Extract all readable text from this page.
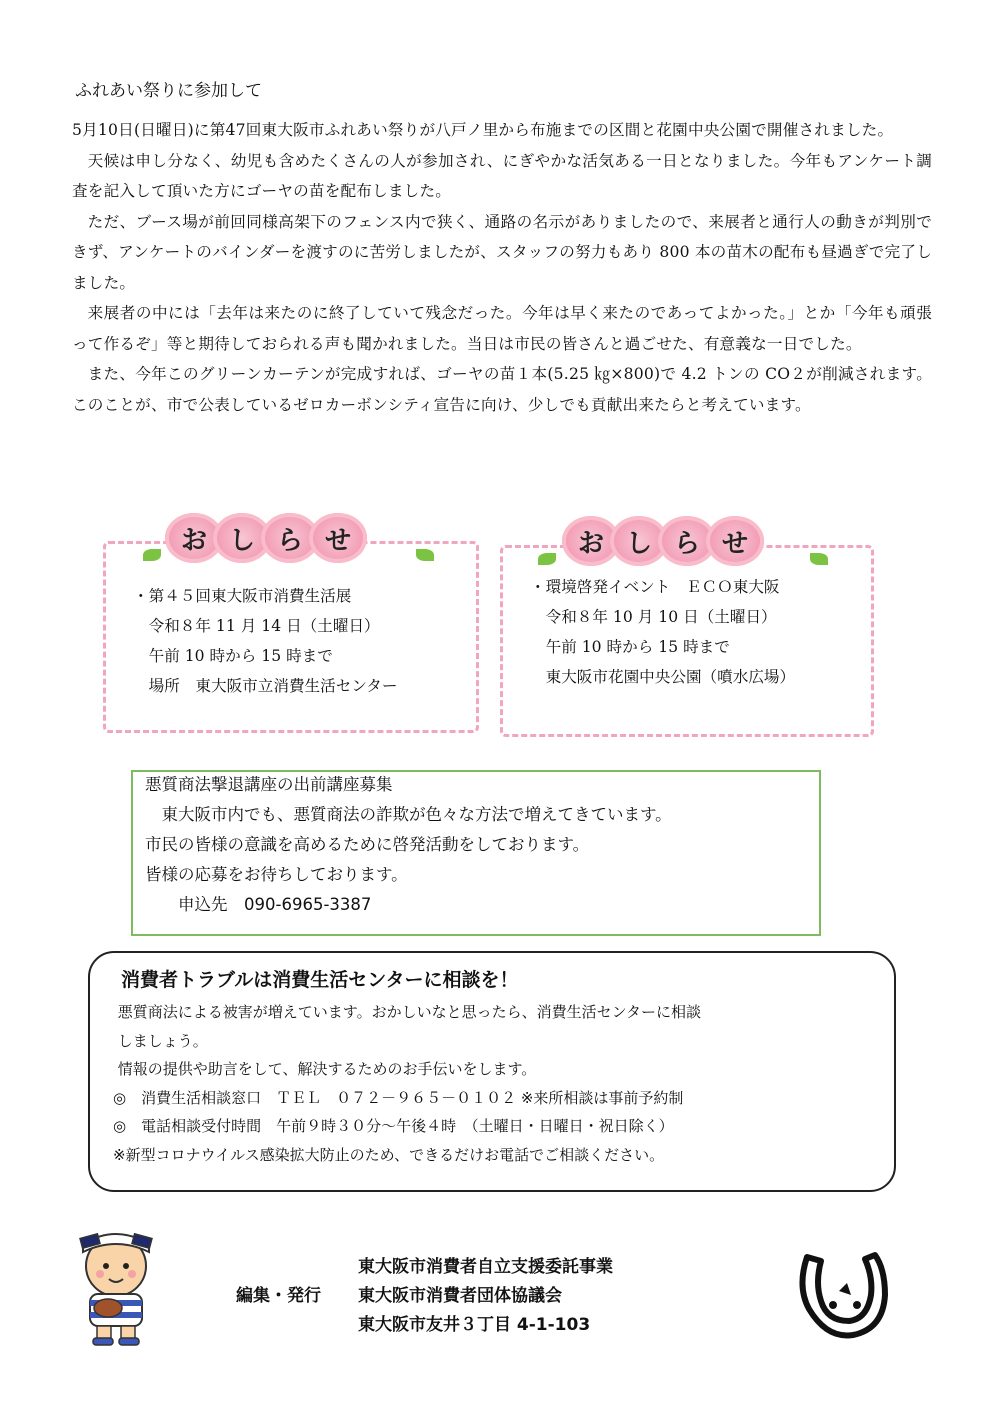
ふれあい祭りに参加して

5月10日(日曜日)に第47回東大阪市ふれあい祭りが八戸ノ里から布施までの区間と花園中央公園で開催されました。

天候は申し分なく、幼児も含めたくさんの人が参加され、にぎやかな活気ある一日となりました。今年もアンケート調査を記入して頂いた方にゴーヤの苗を配布しました。

ただ、ブース場が前回同様高架下のフェンス内で狭く、通路の名示がありましたので、来展者と通行人の動きが判別できず、アンケートのバインダーを渡すのに苦労しましたが、スタッフの努力もあり 800 本の苗木の配布も昼過ぎで完了しました。

来展者の中には「去年は来たのに終了していて残念だった。今年は早く来たのであってよかった。」とか「今年も頑張って作るぞ」等と期待しておられる声も聞かれました。当日は市民の皆さんと過ごせた、有意義な一日でした。

また、今年このグリーンカーテンが完成すれば、ゴーヤの苗１本(5.25 ㎏×800)で 4.2 トンの CO２が削減されます。このことが、市で公表しているゼロカーボンシティ宣告に向け、少しでも貢献出来たらと考えています。

お し ら せ
・第４５回東大阪市消費生活展
　令和８年 11 月 14 日（土曜日）
　午前 10 時から 15 時まで
　場所　東大阪市立消費生活センター
お し ら せ
・環境啓発イベント　ＥＣＯ東大阪
　令和８年 10 月 10 日（土曜日）
　午前 10 時から 15 時まで
　東大阪市花園中央公園（噴水広場）
悪質商法撃退講座の出前講座募集
　東大阪市内でも、悪質商法の詐欺が色々な方法で増えてきています。
市民の皆様の意識を高めるために啓発活動をしております。
皆様の応募をお待ちしております。
　　申込先　090-6965-3387
消費者トラブルは消費生活センターに相談を！
悪質商法による被害が増えています。おかしいなと思ったら、消費生活センターに相談
しましょう。
情報の提供や助言をして、解決するためのお手伝いをします。
◎　消費生活相談窓口　ＴＥＬ　０７２－９６５－０１０２ ※来所相談は事前予約制
◎　電話相談受付時間　午前９時３０分～午後４時　（土曜日・日曜日・祝日除く）
※新型コロナウイルス感染拡大防止のため、できるだけお電話でご相談ください。
東大阪市消費者自立支援委託事業
編集・発行 東大阪市消費者団体協議会
東大阪市友井３丁目 4-1-103
